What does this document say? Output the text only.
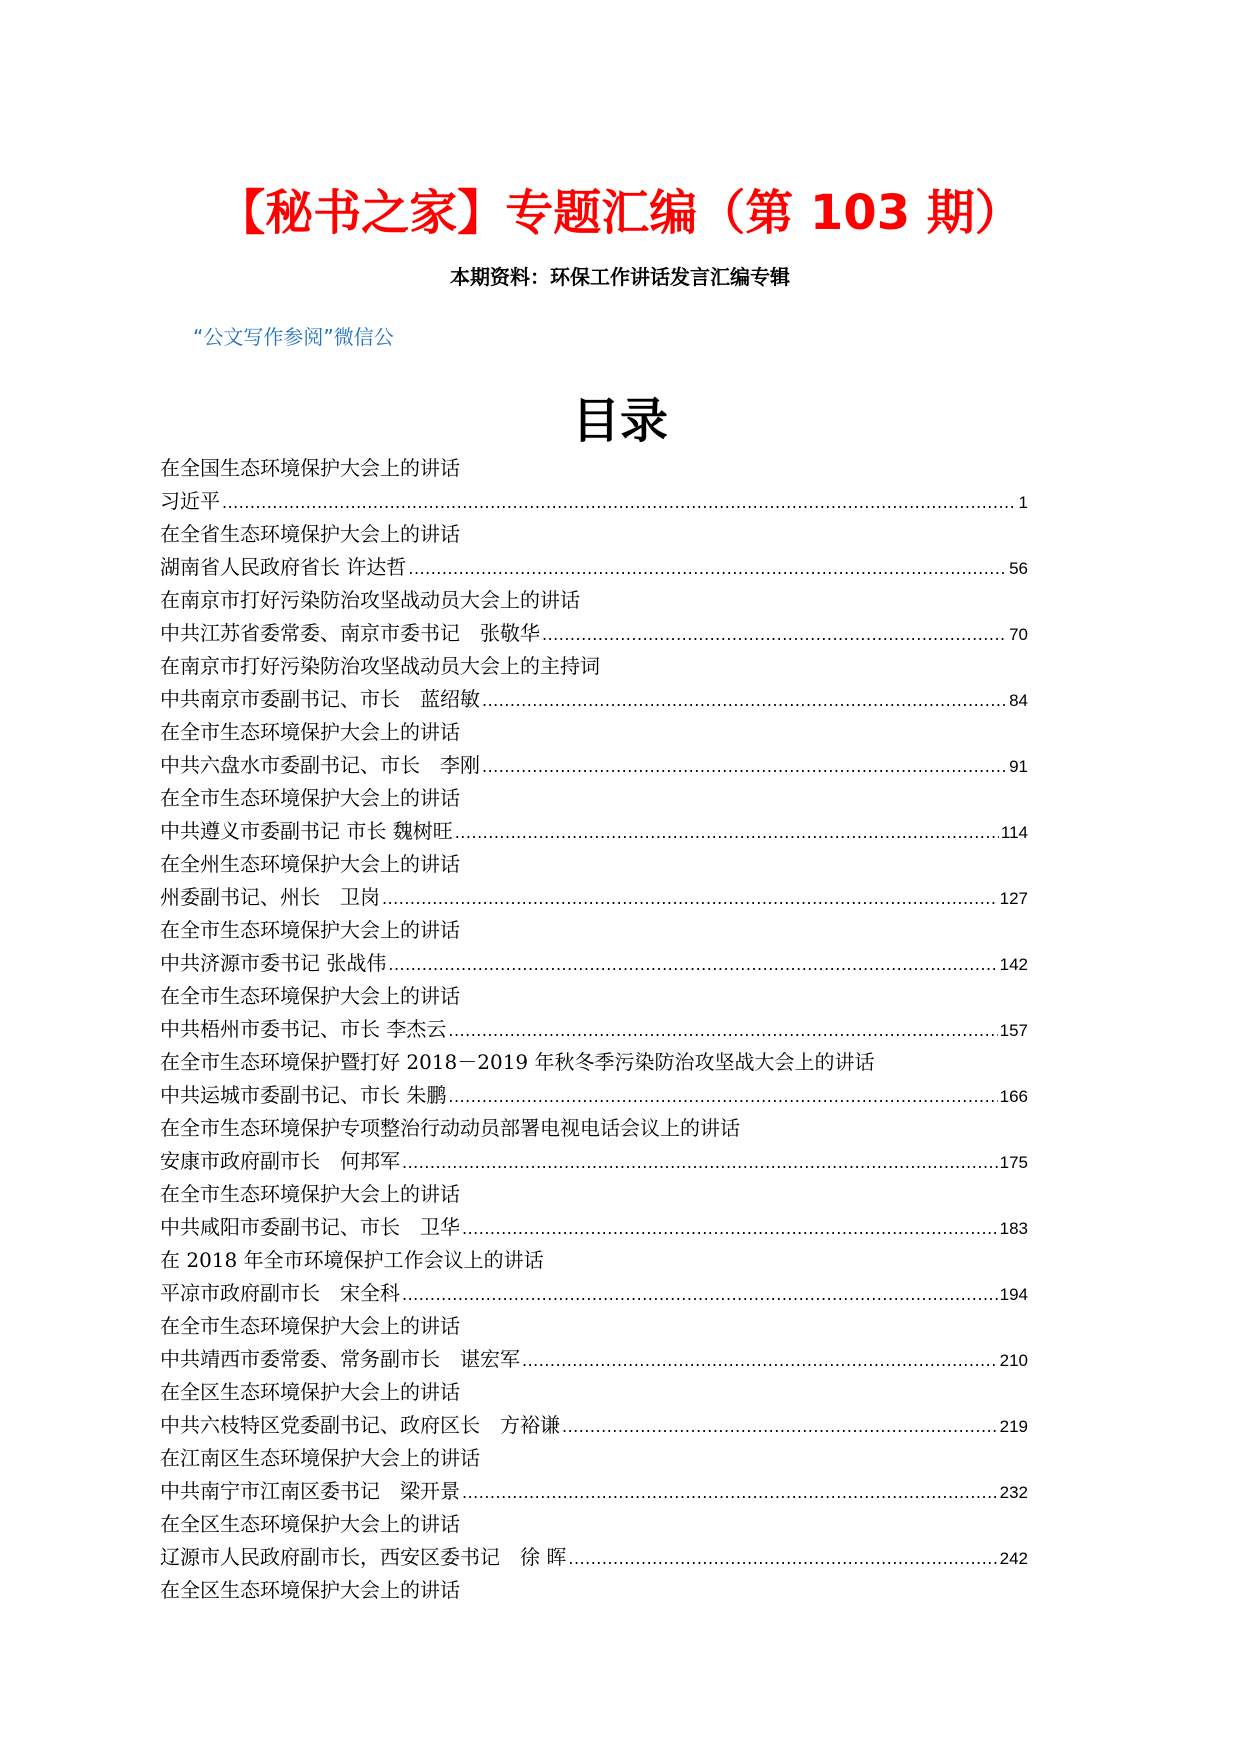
【秘书之家】专题汇编（第 103 期）
本期资料：环保工作讲话发言汇编专辑
“公文写作参阅”微信公
目录
在全国生态环境保护大会上的讲话
习近平 .....	1
在全省生态环境保护大会上的讲话
湖南省人民政府省长 许达哲 .....	56
在南京市打好污染防治攻坚战动员大会上的讲话
中共江苏省委常委、南京市委书记　张敬华 .....	70
在南京市打好污染防治攻坚战动员大会上的主持词
中共南京市委副书记、市长　蓝绍敏 .....	84
在全市生态环境保护大会上的讲话
中共六盘水市委副书记、市长　李刚 .....	91
在全市生态环境保护大会上的讲话
中共遵义市委副书记 市长 魏树旺 .....	114
在全州生态环境保护大会上的讲话
州委副书记、州长　卫岗 .....	127
在全市生态环境保护大会上的讲话
中共济源市委书记 张战伟 .....	142
在全市生态环境保护大会上的讲话
中共梧州市委书记、市长 李杰云 .....	157
在全市生态环境保护暨打好 2018－2019 年秋冬季污染防治攻坚战大会上的讲话
中共运城市委副书记、市长 朱鹏 .....	166
在全市生态环境保护专项整治行动动员部署电视电话会议上的讲话
安康市政府副市长　何邦军 .....	175
在全市生态环境保护大会上的讲话
中共咸阳市委副书记、市长　卫华 .....	183
在 2018 年全市环境保护工作会议上的讲话
平凉市政府副市长　宋全科 .....	194
在全市生态环境保护大会上的讲话
中共靖西市委常委、常务副市长　谌宏军 .....	210
在全区生态环境保护大会上的讲话
中共六枝特区党委副书记、政府区长　方裕谦 .....	219
在江南区生态环境保护大会上的讲话
中共南宁市江南区委书记　梁开景 .....	232
在全区生态环境保护大会上的讲话
辽源市人民政府副市长，西安区委书记　徐 晖 .....	242
在全区生态环境保护大会上的讲话
